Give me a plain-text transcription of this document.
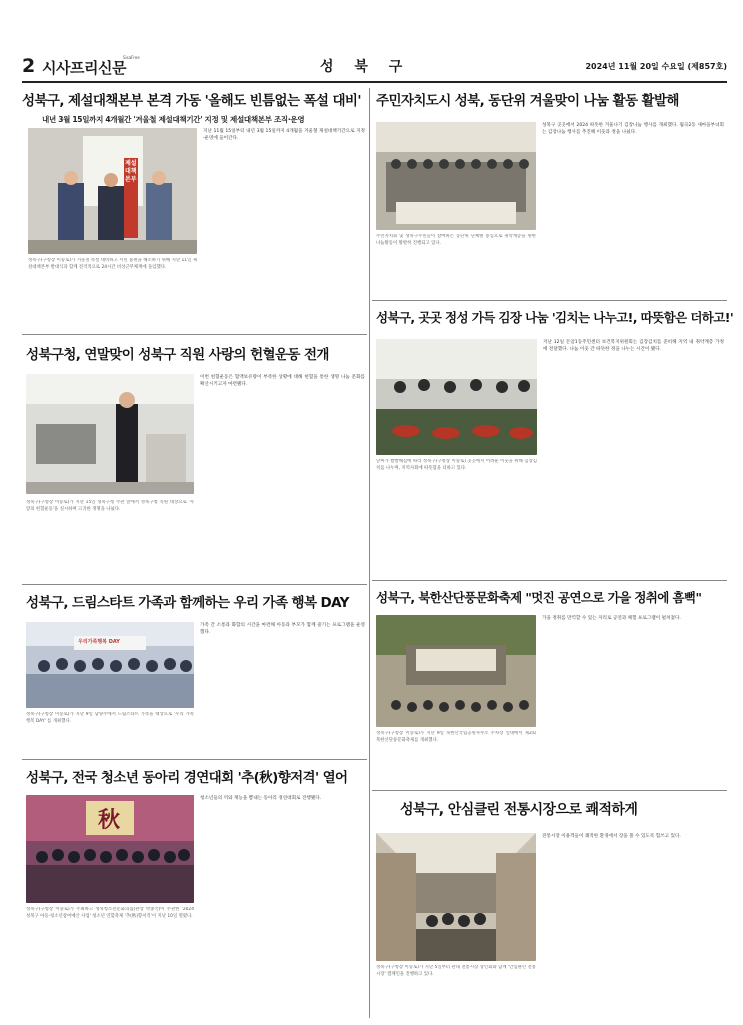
2 시사프리신문
SisaFree
성 북 구	2024년 11월 20일 수요일 (제857호)
성북구, 제설대책본부 본격 가동 '올해도 빈틈없는 폭설 대비'
내년 3월 15일까지 4개월간 '겨울철 제설대책기간' 지정 및 제설대책본부 조직·운영
제설대책본부
성북구(구청장 이승로)가 겨울철 폭설 대비하고 시민 불편을 해소하기 위해 지난 11일 제설대책본부 발대식과 함께 전격적으로 24시간 비상근무체계에 돌입했다.
지난 11월 15일부터 내년 3월 15일까지 4개월을 겨울철 제설대책기간으로 지정·운영에 들어간다.
주민자치도시 성북, 동단위 겨울맞이 나눔 활동 활발해
주민자치회 및 성북구주민들이 참여하는 동단위 단체별 중심으로 취약계층을 위한 나눔활동이 활발히 진행되고 있다.
성북구 곳곳에서 2024 따뜻한 겨울나기 김장나눔 행사를 개최했다. 월곡2동 새마을부녀회는 김장나눔 행사를 추진해 이웃과 정을 나눴다.
성북구, 곳곳 정성 가득 김장 나눔 '김치는 나누고!, 따뜻함은 더하고!'
날씨가 쌀쌀해짐에 따라 성북구(구청장 이승로) 곳곳에서 어려운 이웃을 위해 김장김치를 나누며, 지역사회에 따뜻함을 더하고 있다.
지난 12일 돈암1동주민센터 보건복지위원회는 김장김치를 준비해 지역 내 취약계층 가정에 전달했다. 나눔 이웃 간 따뜻한 정을 나누는 시간이 됐다.
성북구청, 연말맞이 성북구 직원 사랑의 헌혈운동 전개
성북구(구청장 이승로)가 지난 15일 성북구청 주관 앞에서 성북구청 직원 대상으로 '사랑의 헌혈운동'을 실시하며 고귀한 생명을 나눴다.
이번 헌혈운동은 혈액보유량이 부족한 상황에 대해 헌혈을 통한 생명 나눔 문화를 확산시키고자 마련됐다.
성북구, 북한산단풍문화축제 "멋진 공연으로 가을 정취에 흠뻑"
성북구(구청장 이승로)가 지난 9일 북한산국립공원사무소 주차장 일대에서 제2회 북한산단풍문화축제를 개최했다.
가을 정취를 만끽할 수 있는 자리로 공연과 체험 프로그램이 펼쳐졌다.
성북구, 드림스타트 가족과 함께하는 우리 가족 행복 DAY
우리가족행복 DAY
성북구(구청장 이승로)가 지난 9일 남양주에서 드림스타트 가족을 대상으로 '우리 가족 행복 DAY' 를 개최했다.
가족 간 소통과 화합의 시간을 마련해 아동과 부모가 함께 즐기는 프로그램을 운영했다.
성북구, 전국 청소년 동아리 경연대회 '추(秋)향저격' 열어
秋
성북구(구청장 이승로)가 주최하고 성북청소년문화의집(관장 박종국)이 주관한 '2024 성북구 아동·청소년참여예산 사업' 청소년 연합축제 '추(秋)향저격'이 지난 10일 열렸다.
청소년들의 끼와 재능을 뽐내는 동아리 경연대회로 진행됐다.
성북구, 안심클린 전통시장으로 쾌적하게
성북구(구청장 이승로)가 지난 5일부터 관내 전통시장 상인회와 함께 '안심클린 전통시장' 캠페인을 진행하고 있다.
전통시장 이용객들이 쾌적한 환경에서 장을 볼 수 있도록 힘쓰고 있다.
